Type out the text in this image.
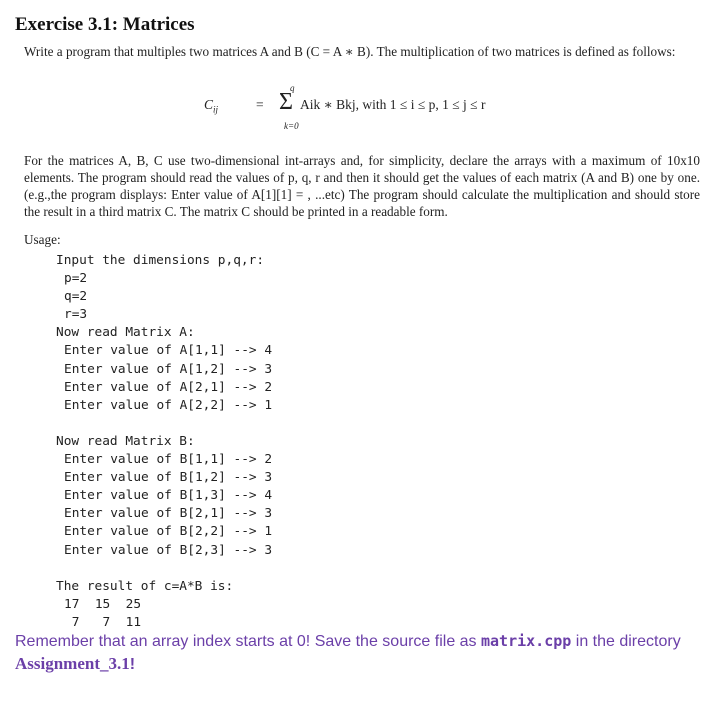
Exercise 3.1: Matrices
Write a program that multiples two matrices A and B (C = A ∗ B). The multiplication of two matrices is defined as follows:
$C_{ij}$	= Σ
q
k=0
Aik ∗ Bkj, with 1 ≤ i ≤ p, 1 ≤ j ≤ r
For the matrices A, B, C use two-dimensional int-arrays and, for simplicity, declare the arrays with a maximum of 10x10 elements. The program should read the values of p, q, r and then it should get the values of each matrix (A and B) one by one. (e.g.,the program displays: Enter value of A[1][1] = , ...etc) The program should calculate the multiplication and should store the result in a third matrix C. The matrix C should be printed in a readable form.
Usage:
Input the dimensions p,q,r:
p=2
q=2
r=3
Now read Matrix A:
Enter value of A[1,1] --> 4
Enter value of A[1,2] --> 3
Enter value of A[2,1] --> 2
Enter value of A[2,2] --> 1
Now read Matrix B:
Enter value of B[1,1] --> 2
Enter value of B[1,2] --> 3
Enter value of B[1,3] --> 4
Enter value of B[2,1] --> 3
Enter value of B[2,2] --> 1
Enter value of B[2,3] --> 3
The result of c=A*B is:
17  15  25
7   7  11
Remember that an array index starts at 0! Save the source file as matrix.cpp in the directory Assignment_3.1!
